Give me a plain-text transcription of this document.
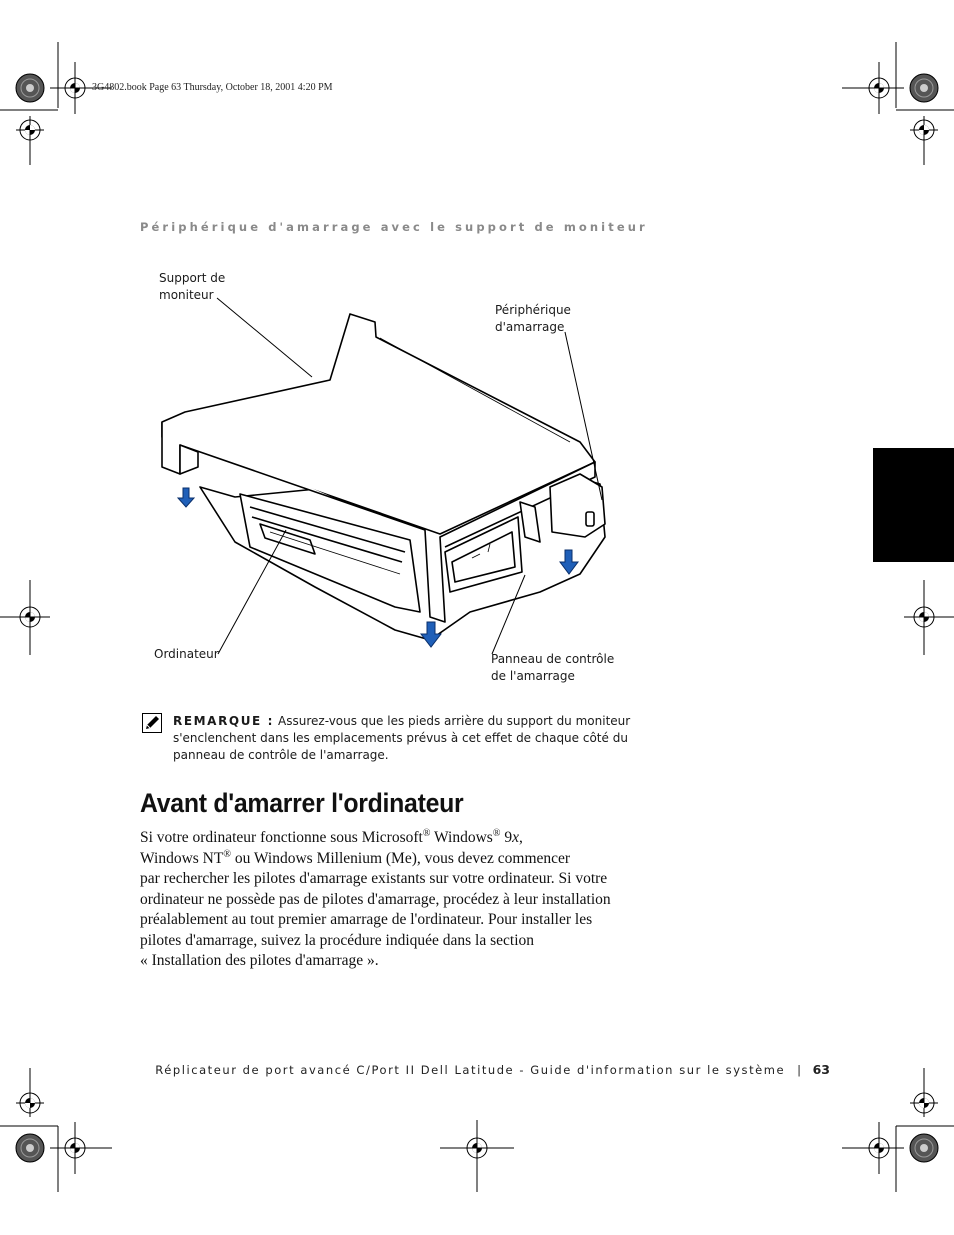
3G4802.book Page 63 Thursday, October 18, 2001 4:20 PM
Périphérique d'amarrage avec le support de moniteur
Support de
moniteur
Périphérique
d'amarrage
Ordinateur	Panneau de contrôle
de l'amarrage
REMARQUE : Assurez-vous que les pieds arrière du support du moniteur
s'enclenchent dans les emplacements prévus à cet effet de chaque côté du
panneau de contrôle de l'amarrage.
Avant d'amarrer l'ordinateur
Si votre ordinateur fonctionne sous Microsoft® Windows® 9x,
Windows NT® ou Windows Millenium (Me), vous devez commencer
par rechercher les pilotes d'amarrage existants sur votre ordinateur. Si votre
ordinateur ne possède pas de pilotes d'amarrage, procédez à leur installation
préalablement au tout premier amarrage de l'ordinateur. Pour installer les
pilotes d'amarrage, suivez la procédure indiquée dans la section
« Installation des pilotes d'amarrage ».
Réplicateur de port avancé C/Port II Dell Latitude - Guide d'information sur le système | 63
